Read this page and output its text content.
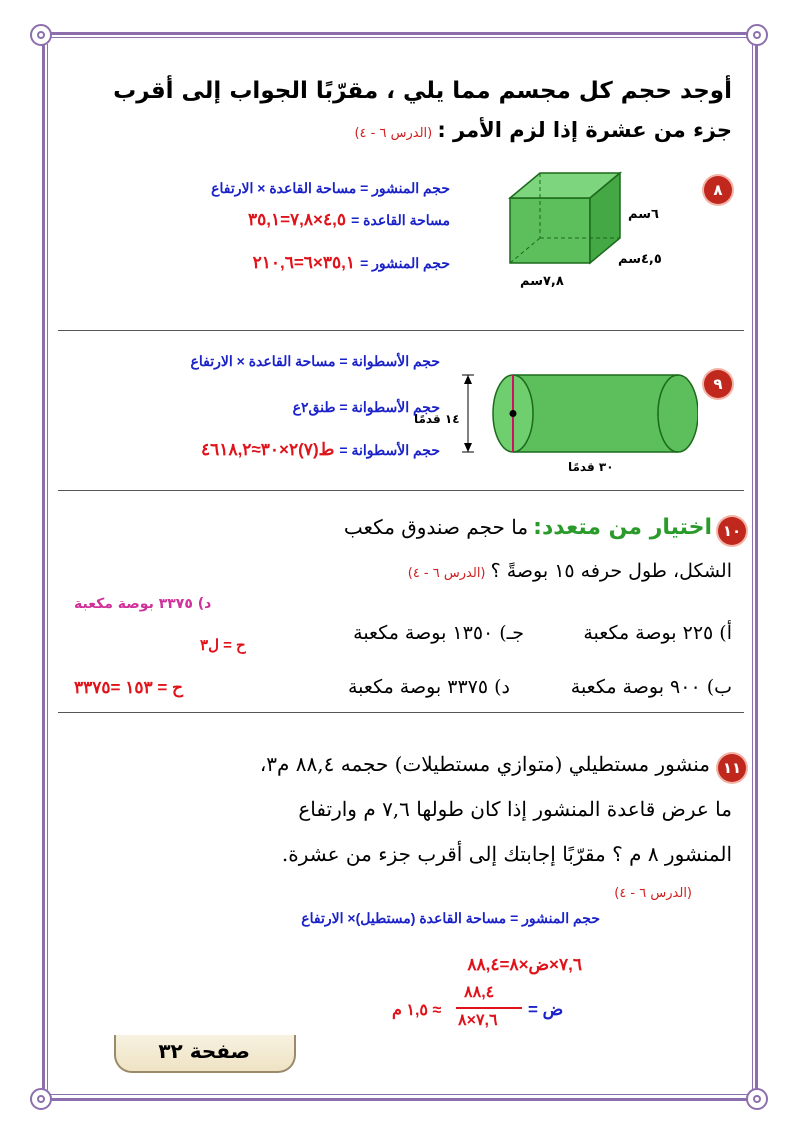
أوجد حجم كل مجسم مما يلي ، مقرّبًا الجواب إلى أقرب
جزء من عشرة إذا لزم الأمر : (الدرس ٦ - ٤)
٨
٦سم
٤,٥سم
٧,٨سم
حجم المنشور = مساحة القاعدة × الارتفاع
مساحة القاعدة = ٤,٥×٧,٨=٣٥,١
حجم المنشور = ٣٥,١×٦=٢١٠,٦
٩
١٤ قدمًا
٣٠ قدمًا
حجم الأسطوانة = مساحة القاعدة × الارتفاع
حجم الأسطوانة = طنق٢ع
حجم الأسطوانة = ط(٧)٢×٣٠≈٤٦١٨,٢
١٠
اختيار من متعدد: ما حجم صندوق مكعب
الشكل، طول حرفه ١٥ بوصةً ؟ (الدرس ٦ - ٤)
د) ٣٣٧٥ بوصة مكعبة
أ) ٢٢٥ بوصة مكعبة
جـ) ١٣٥٠ بوصة مكعبة
ح = ل٣
ب) ٩٠٠ بوصة مكعبة
د) ٣٣٧٥ بوصة مكعبة
ح = ١٥٣ =٣٣٧٥
١١
منشور مستطيلي (متوازي مستطيلات) حجمه ٨٨,٤ م٣،
ما عرض قاعدة المنشور إذا كان طولها ٧,٦ م وارتفاع
المنشور ٨ م ؟ مقرّبًا إجابتك إلى أقرب جزء من عشرة.
(الدرس ٦ - ٤)
حجم المنشور = مساحة القاعدة (مستطيل)× الارتفاع
٧,٦×ض×٨=٨٨,٤
ض =
٨٨,٤
٧,٦×٨
≈ ١,٥ م
صفحة ٣٢
